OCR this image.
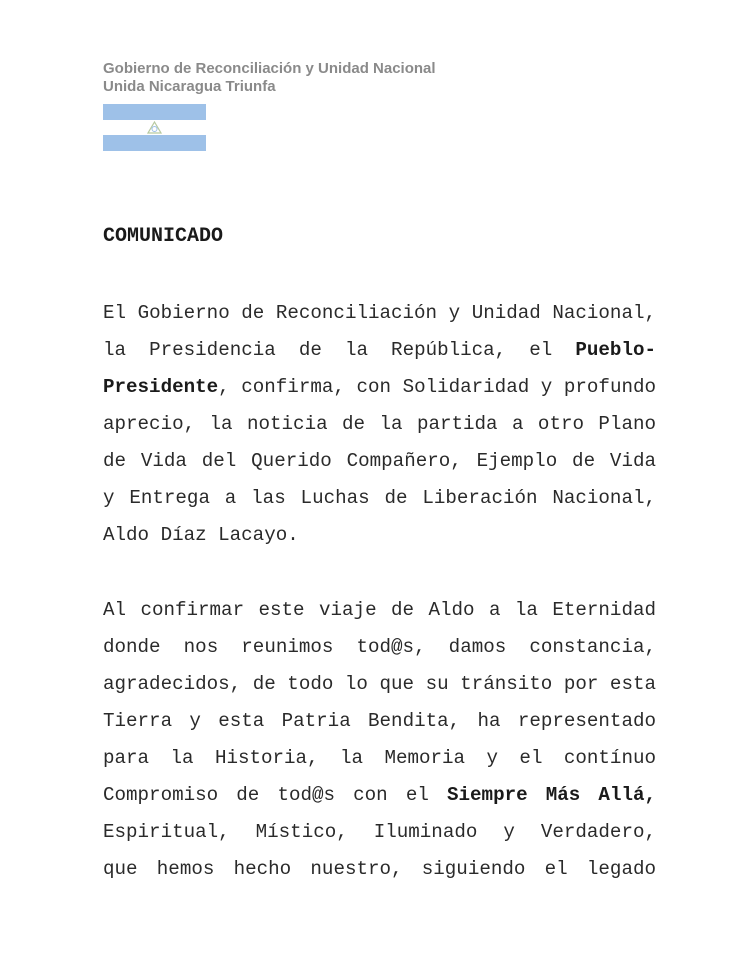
Gobierno de Reconciliación y Unidad Nacional
Unida Nicaragua Triunfa
COMUNICADO
El Gobierno de Reconciliación y Unidad Nacional,
la Presidencia de la República, el Pueblo-
Presidente, confirma, con Solidaridad y profundo
aprecio, la noticia de la partida a otro Plano
de Vida del Querido Compañero, Ejemplo de Vida
y Entrega a las Luchas de Liberación Nacional,
Aldo Díaz Lacayo.
Al confirmar este viaje de Aldo a la Eternidad
donde nos reunimos tod@s, damos constancia,
agradecidos, de todo lo que su tránsito por esta
Tierra y esta Patria Bendita, ha representado
para la Historia, la Memoria y el contínuo
Compromiso de tod@s con el Siempre Más Allá,
Espiritual, Místico, Iluminado y Verdadero,
que hemos hecho nuestro, siguiendo el legado
